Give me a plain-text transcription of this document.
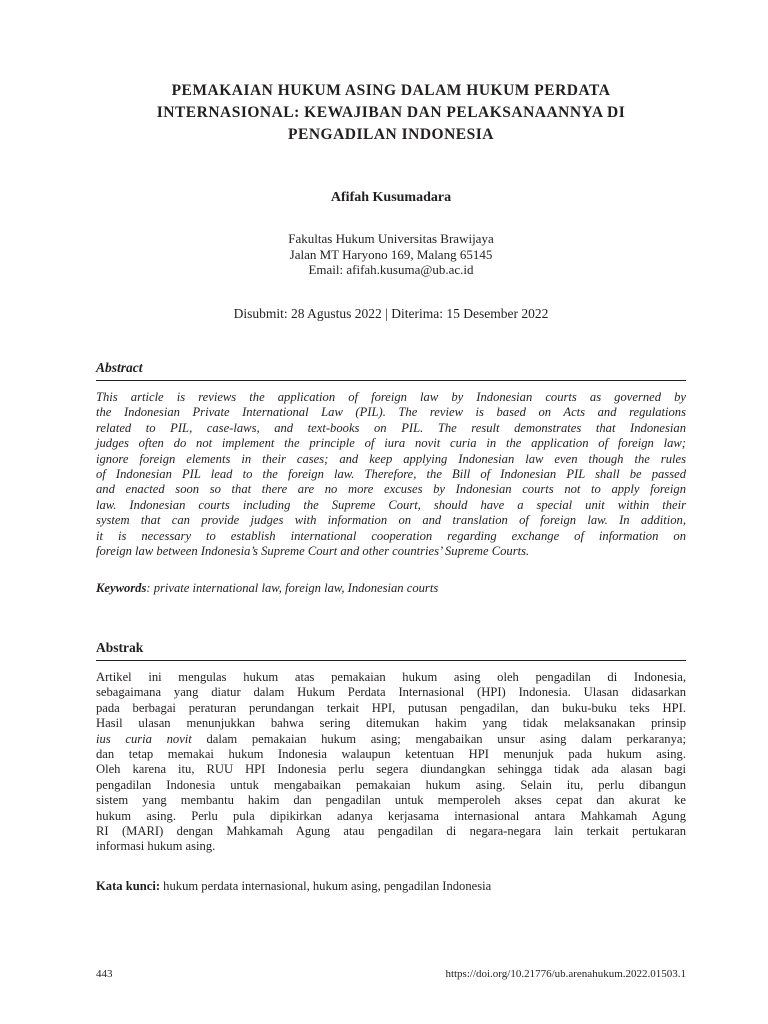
PEMAKAIAN HUKUM ASING DALAM HUKUM PERDATA
INTERNASIONAL: KEWAJIBAN DAN PELAKSANAANNYA DI
PENGADILAN INDONESIA
Afifah Kusumadara
Fakultas Hukum Universitas Brawijaya
Jalan MT Haryono 169, Malang 65145
Email: afifah.kusuma@ub.ac.id
Disubmit: 28 Agustus 2022 | Diterima: 15 Desember 2022
Abstract

This article is reviews the application of foreign law by Indonesian courts as governed by
the Indonesian Private International Law (PIL). The review is based on Acts and regulations
related to PIL, case-laws, and text-books on PIL. The result demonstrates that Indonesian
judges often do not implement the principle of iura novit curia in the application of foreign law;
ignore foreign elements in their cases; and keep applying Indonesian law even though the rules
of Indonesian PIL lead to the foreign law. Therefore, the Bill of Indonesian PIL shall be passed
and enacted soon so that there are no more excuses by Indonesian courts not to apply foreign
law. Indonesian courts including the Supreme Court, should have a special unit within their
system that can provide judges with information on and translation of foreign law. In addition,
it is necessary to establish international cooperation regarding exchange of information on
foreign law between Indonesia’s Supreme Court and other countries’ Supreme Courts.

Keywords: private international law, foreign law, Indonesian courts
Abstrak

Artikel ini mengulas hukum atas pemakaian hukum asing oleh pengadilan di Indonesia,
sebagaimana yang diatur dalam Hukum Perdata Internasional (HPI) Indonesia. Ulasan didasarkan
pada berbagai peraturan perundangan terkait HPI, putusan pengadilan, dan buku-buku teks HPI.
Hasil ulasan menunjukkan bahwa sering ditemukan hakim yang tidak melaksanakan prinsip
ius curia novit dalam pemakaian hukum asing; mengabaikan unsur asing dalam perkaranya;
dan tetap memakai hukum Indonesia walaupun ketentuan HPI menunjuk pada hukum asing.
Oleh karena itu, RUU HPI Indonesia perlu segera diundangkan sehingga tidak ada alasan bagi
pengadilan Indonesia untuk mengabaikan pemakaian hukum asing. Selain itu, perlu dibangun
sistem yang membantu hakim dan pengadilan untuk memperoleh akses cepat dan akurat ke
hukum asing. Perlu pula dipikirkan adanya kerjasama internasional antara Mahkamah Agung
RI (MARI) dengan Mahkamah Agung atau pengadilan di negara-negara lain terkait pertukaran
informasi hukum asing.

Kata kunci: hukum perdata internasional, hukum asing, pengadilan Indonesia
443	https://doi.org/10.21776/ub.arenahukum.2022.01503.1
